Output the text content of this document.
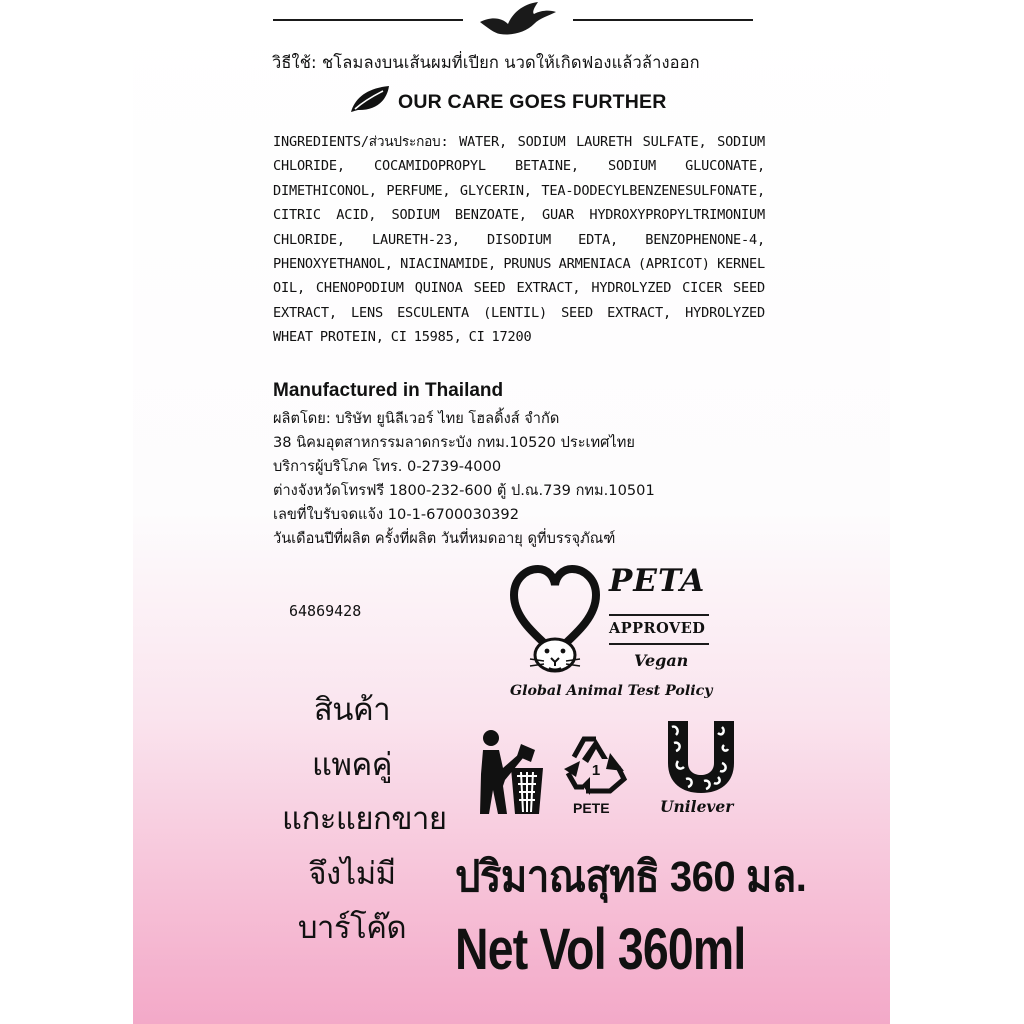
วิธีใช้: ชโลมลงบนเส้นผมที่เปียก นวดให้เกิดฟองแล้วล้างออก
OUR CARE GOES FURTHER
INGREDIENTS/ส่วนประกอบ: WATER, SODIUM LAURETH SULFATE, SODIUM CHLORIDE, COCAMIDOPROPYL BETAINE, SODIUM GLUCONATE, DIMETHICONOL, PERFUME, GLYCERIN, TEA-DODECYLBENZENESULFONATE, CITRIC ACID, SODIUM BENZOATE, GUAR HYDROXYPROPYLTRIMONIUM CHLORIDE, LAURETH-23, DISODIUM EDTA, BENZOPHENONE-4, PHENOXYETHANOL, NIACINAMIDE, PRUNUS ARMENIACA (APRICOT) KERNEL OIL, CHENOPODIUM QUINOA SEED EXTRACT, HYDROLYZED CICER SEED EXTRACT, LENS ESCULENTA (LENTIL) SEED EXTRACT, HYDROLYZED WHEAT PROTEIN, CI 15985, CI 17200
Manufactured in Thailand
ผลิตโดย: บริษัท ยูนิลีเวอร์ ไทย โฮลดิ้งส์ จำกัด
38 นิคมอุตสาหกรรมลาดกระบัง กทม.10520 ประเทศไทย
บริการผู้บริโภค โทร. 0-2739-4000
ต่างจังหวัดโทรฟรี 1800-232-600 ตู้ ป.ณ.739 กทม.10501
เลขที่ใบรับจดแจ้ง 10-1-6700030392
วันเดือนปีที่ผลิต ครั้งที่ผลิต วันที่หมดอายุ ดูที่บรรจุภัณฑ์
64869428
PETA
APPROVED
Vegan
Global Animal Test Policy
สินค้า
แพคคู่
แกะแยกขาย
จึงไม่มี
บาร์โค๊ด
1
PETE	Unilever
ปริมาณสุทธิ 360 มล.
Net Vol 360ml
